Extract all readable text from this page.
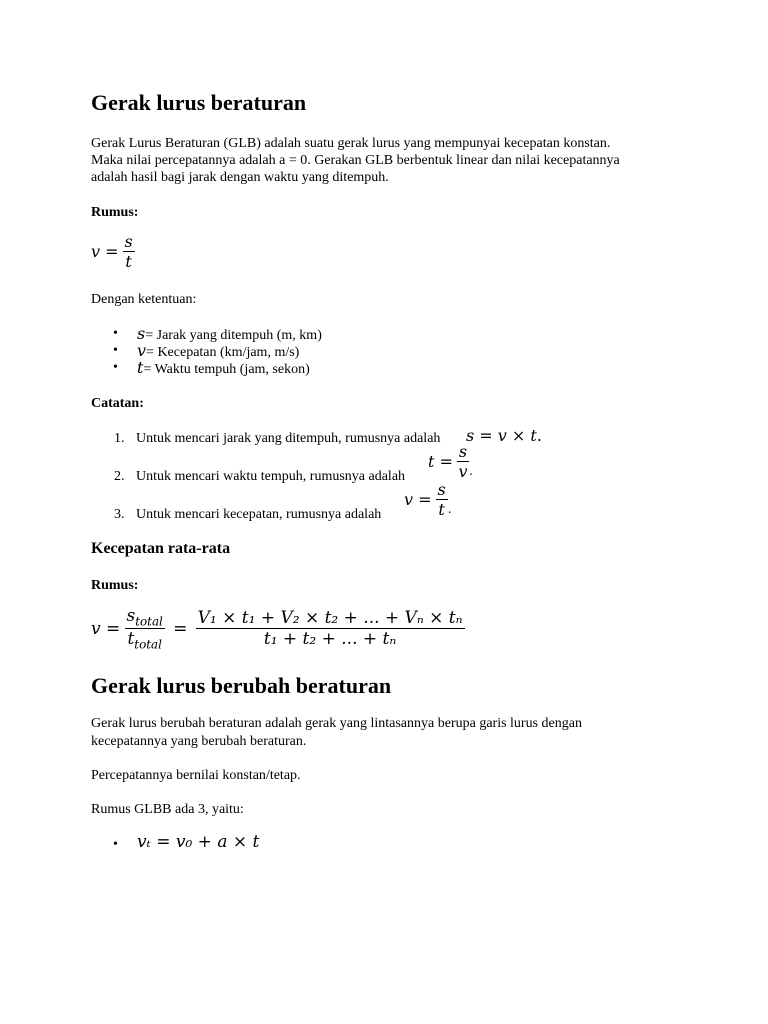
Gerak lurus beraturan
Gerak Lurus Beraturan (GLB) adalah suatu gerak lurus yang mempunyai kecepatan konstan.
Maka nilai percepatannya adalah a = 0. Gerakan GLB berbentuk linear dan nilai kecepatannya
adalah hasil bagi jarak dengan waktu yang ditempuh.
Rumus:
$v = \frac{s}{t}$
Dengan ketentuan:
• s= Jarak yang ditempuh (m, km)
• v= Kecepatan (km/jam, m/s)
• t= Waktu tempuh (jam, sekon)
Catatan:
1. Untuk mencari jarak yang ditempuh, rumusnya adalah s = v × t.
2. Untuk mencari waktu tempuh, rumusnya adalah
$t = \frac{s}{v} _.$
3. Untuk mencari kecepatan, rumusnya adalah
$v = \frac{s}{t} _.$
Kecepatan rata-rata
Rumus:
$v = \frac{s_{total}}{t_{total}} = \frac{\text{V₁ × t₁ + V₂ × t₂ + ... + Vₙ × tₙ}}{\text{t₁ + t₂ + ... + tₙ}}$
Gerak lurus berubah beraturan
Gerak lurus berubah beraturan adalah gerak yang lintasannya berupa garis lurus dengan
kecepatannya yang berubah beraturan.
Percepatannya bernilai konstan/tetap.
Rumus GLBB ada 3, yaitu:
• vₜ = v₀ + a × t
